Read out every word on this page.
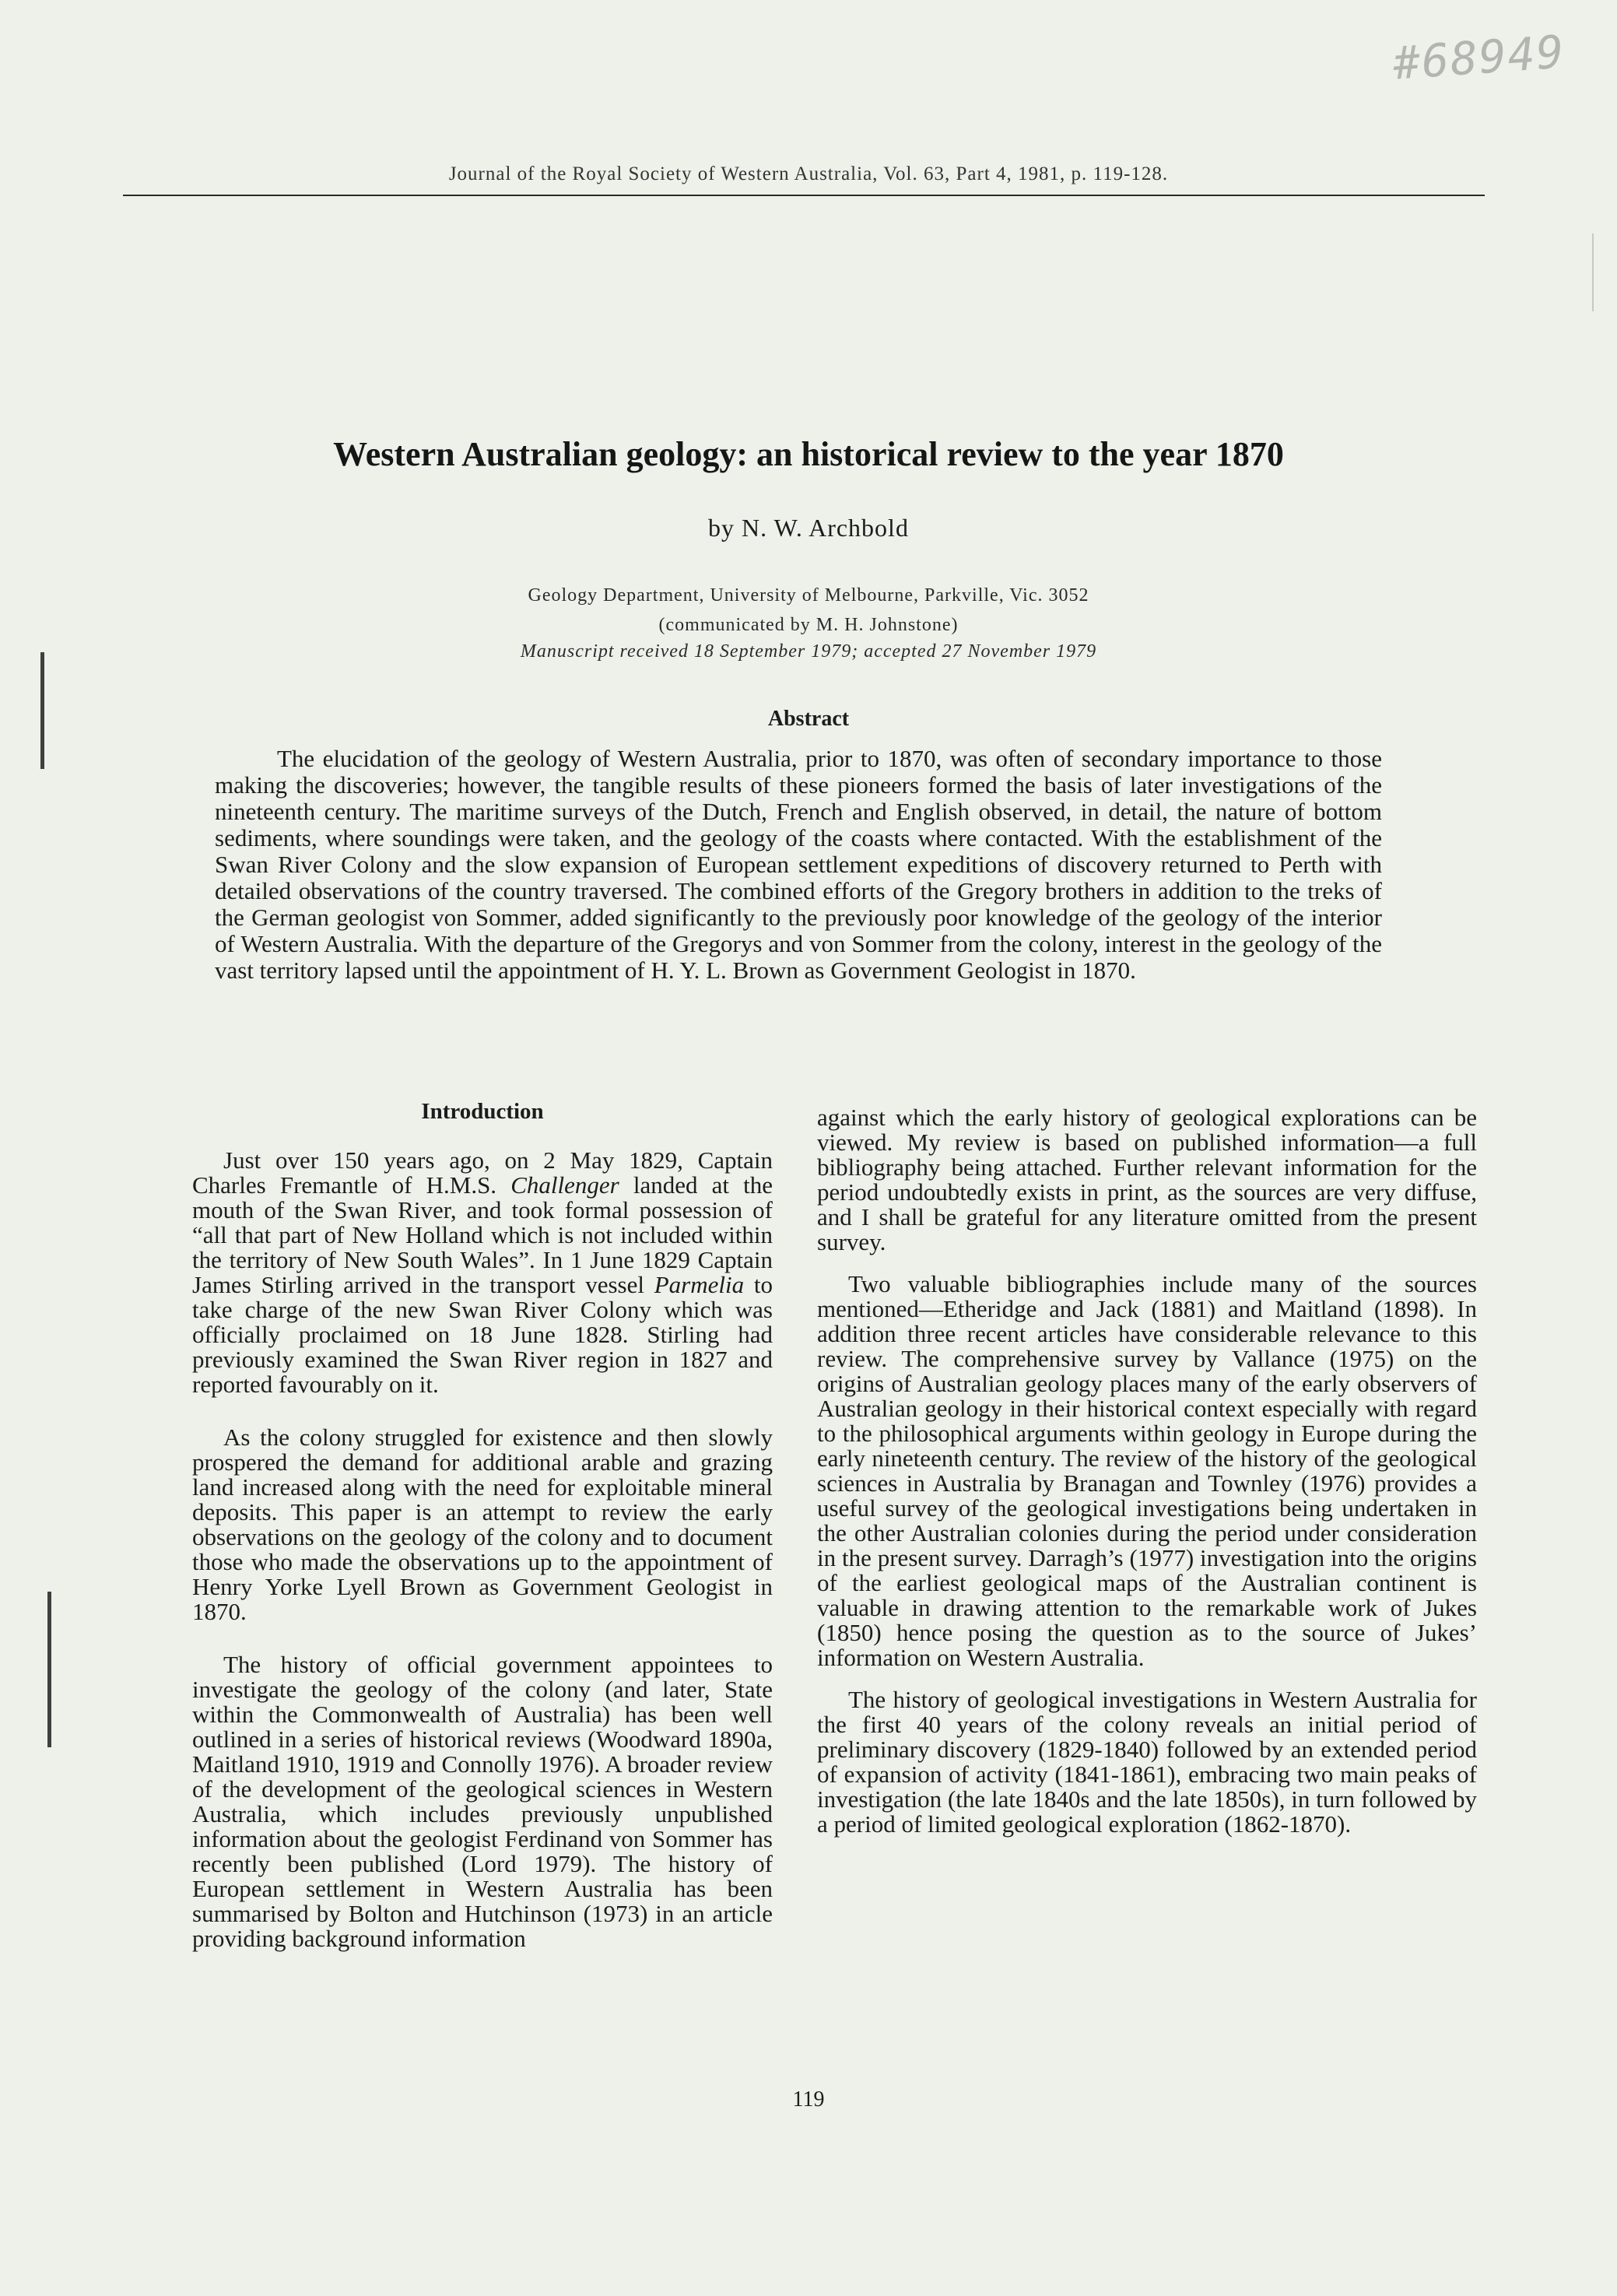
#68949
Journal of the Royal Society of Western Australia, Vol. 63, Part 4, 1981, p. 119-128.
Western Australian geology: an historical review to the year 1870
by N. W. Archbold
Geology Department, University of Melbourne, Parkville, Vic. 3052
(communicated by M. H. Johnstone)
Manuscript received 18 September 1979; accepted 27 November 1979
Abstract

The elucidation of the geology of Western Australia, prior to 1870, was often of secondary importance to those making the discoveries; however, the tangible results of these pioneers formed the basis of later investigations of the nineteenth century. The maritime surveys of the Dutch, French and English observed, in detail, the nature of bottom sediments, where soundings were taken, and the geology of the coasts where contacted. With the establishment of the Swan River Colony and the slow expansion of European settlement expeditions of discovery returned to Perth with detailed observations of the country traversed. The combined efforts of the Gregory brothers in addition to the treks of the German geologist von Sommer, added significantly to the previously poor knowledge of the geology of the interior of Western Australia. With the departure of the Gregorys and von Sommer from the colony, interest in the geology of the vast territory lapsed until the appointment of H. Y. L. Brown as Government Geologist in 1870.

Introduction

Just over 150 years ago, on 2 May 1829, Captain Charles Fremantle of H.M.S. Challenger landed at the mouth of the Swan River, and took formal possession of “all that part of New Holland which is not included within the territory of New South Wales”. In 1 June 1829 Captain James Stirling arrived in the transport vessel Parmelia to take charge of the new Swan River Colony which was officially proclaimed on 18 June 1828. Stirling had previously examined the Swan River region in 1827 and reported favourably on it.

As the colony struggled for existence and then slowly prospered the demand for additional arable and grazing land increased along with the need for exploitable mineral deposits. This paper is an attempt to review the early observations on the geology of the colony and to document those who made the observations up to the appointment of Henry Yorke Lyell Brown as Government Geologist in 1870.

The history of official government appointees to investigate the geology of the colony (and later, State within the Commonwealth of Australia) has been well outlined in a series of historical reviews (Woodward 1890a, Maitland 1910, 1919 and Connolly 1976). A broader review of the development of the geological sciences in Western Australia, which includes previously unpublished information about the geologist Ferdinand von Sommer has recently been published (Lord 1979). The history of European settlement in Western Australia has been summarised by Bolton and Hutchinson (1973) in an article providing background information

against which the early history of geological explorations can be viewed. My review is based on published information—a full bibliography being attached. Further relevant information for the period undoubtedly exists in print, as the sources are very diffuse, and I shall be grateful for any literature omitted from the present survey.

Two valuable bibliographies include many of the sources mentioned—Etheridge and Jack (1881) and Maitland (1898). In addition three recent articles have considerable relevance to this review. The comprehensive survey by Vallance (1975) on the origins of Australian geology places many of the early observers of Australian geology in their historical context especially with regard to the philosophical arguments within geology in Europe during the early nineteenth century. The review of the history of the geological sciences in Australia by Branagan and Townley (1976) provides a useful survey of the geological investigations being undertaken in the other Australian colonies during the period under consideration in the present survey. Darragh’s (1977) investigation into the origins of the earliest geological maps of the Australian continent is valuable in drawing attention to the remarkable work of Jukes (1850) hence posing the question as to the source of Jukes’ information on Western Australia.

The history of geological investigations in Western Australia for the first 40 years of the colony reveals an initial period of preliminary discovery (1829-1840) followed by an extended period of expansion of activity (1841-1861), embracing two main peaks of investigation (the late 1840s and the late 1850s), in turn followed by a period of limited geological exploration (1862-1870).

119
